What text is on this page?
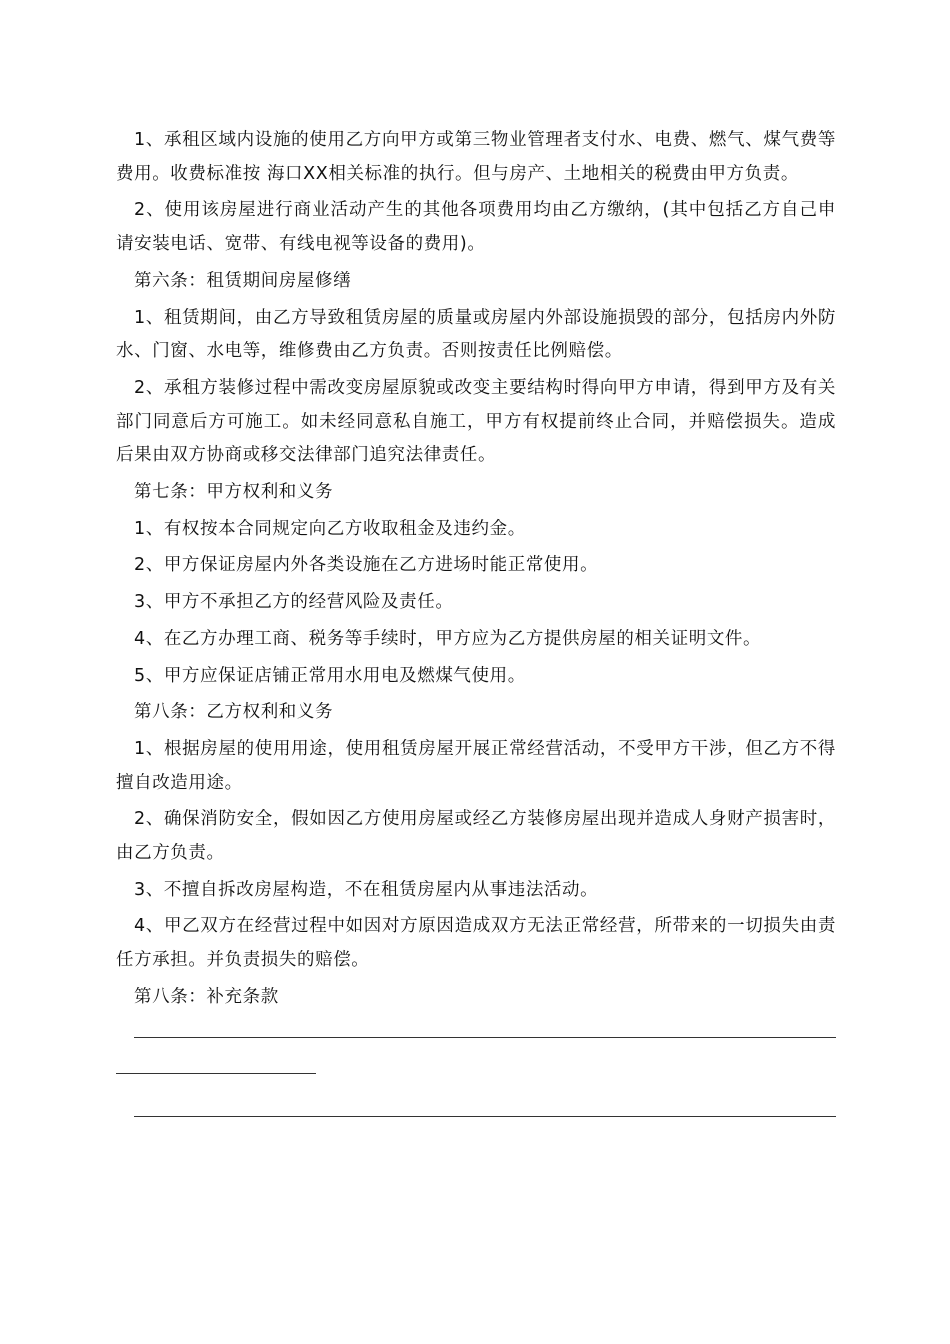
1、承租区域内设施的使用乙方向甲方或第三物业管理者支付水、电费、燃气、煤气费等费用。收费标准按 海口XX相关标准的执行。但与房产、土地相关的税费由甲方负责。

2、使用该房屋进行商业活动产生的其他各项费用均由乙方缴纳，(其中包括乙方自己申请安装电话、宽带、有线电视等设备的费用)。

第六条：租赁期间房屋修缮

1、租赁期间，由乙方导致租赁房屋的质量或房屋内外部设施损毁的部分，包括房内外防水、门窗、水电等，维修费由乙方负责。否则按责任比例赔偿。

2、承租方装修过程中需改变房屋原貌或改变主要结构时得向甲方申请，得到甲方及有关部门同意后方可施工。如未经同意私自施工，甲方有权提前终止合同，并赔偿损失。造成后果由双方协商或移交法律部门追究法律责任。

第七条：甲方权利和义务

1、有权按本合同规定向乙方收取租金及违约金。

2、甲方保证房屋内外各类设施在乙方进场时能正常使用。

3、甲方不承担乙方的经营风险及责任。

4、在乙方办理工商、税务等手续时，甲方应为乙方提供房屋的相关证明文件。

5、甲方应保证店铺正常用水用电及燃煤气使用。

第八条：乙方权利和义务

1、根据房屋的使用用途，使用租赁房屋开展正常经营活动，不受甲方干涉，但乙方不得擅自改造用途。

2、确保消防安全，假如因乙方使用房屋或经乙方装修房屋出现并造成人身财产损害时，由乙方负责。

3、不擅自拆改房屋构造，不在租赁房屋内从事违法活动。

4、甲乙双方在经营过程中如因对方原因造成双方无法正常经营，所带来的一切损失由责任方承担。并负责损失的赔偿。

第八条：补充条款
